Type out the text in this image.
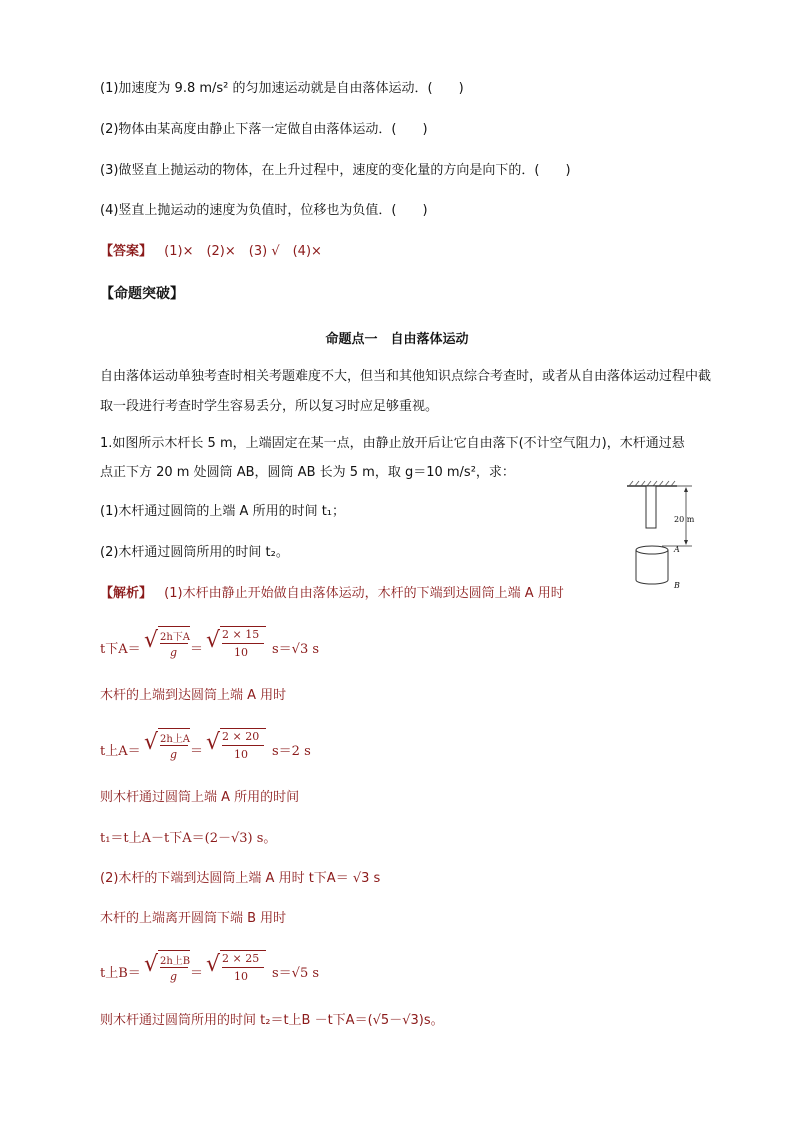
(1)加速度为 9.8 m/s² 的匀加速运动就是自由落体运动．(　　)
(2)物体由某高度由静止下落一定做自由落体运动．(　　)
(3)做竖直上抛运动的物体，在上升过程中，速度的变化量的方向是向下的．(　　)
(4)竖直上抛运动的速度为负值时，位移也为负值．(　　)
【答案】 (1)×　(2)×　(3) √　(4)×
【命题突破】
命题点一　自由落体运动
自由落体运动单独考查时相关考题难度不大，但当和其他知识点综合考查时，或者从自由落体运动过程中截取一段进行考查时学生容易丢分，所以复习时应足够重视。
1.如图所示木杆长 5 m，上端固定在某一点，由静止放开后让它自由落下(不计空气阻力)，木杆通过悬
点正下方 20 m 处圆筒 AB，圆筒 AB 长为 5 m，取 g＝10 m/s²，求：
(1)木杆通过圆筒的上端 A 所用的时间 t₁；
(2)木杆通过圆筒所用的时间 t₂。
20 m
A
B
【解析】 (1)木杆由静止开始做自由落体运动，木杆的下端到达圆筒上端 A 用时
t下A＝ √ 2h下A
g ＝ √ 2 × 15
10 s＝√3 s
木杆的上端到达圆筒上端 A 用时
t上A＝ √ 2h上A
g ＝ √ 2 × 20
10 s＝2 s
则木杆通过圆筒上端 A 所用的时间
t₁＝t上A－t下A＝(2－√3) s。
(2)木杆的下端到达圆筒上端 A 用时 t下A＝ √3 s
木杆的上端离开圆筒下端 B 用时
t上B＝ √ 2h上B
g ＝ √ 2 × 25
10 s＝√5 s
则木杆通过圆筒所用的时间 t₂＝t上B －t下A＝(√5－√3)s。
